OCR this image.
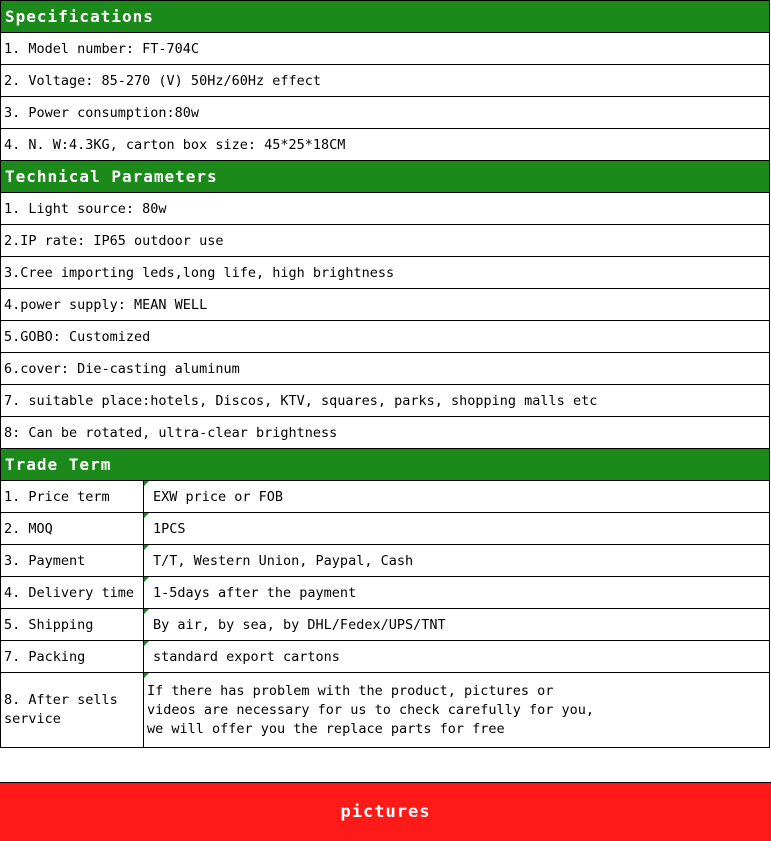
Specifications	
1. Model number: FT-704C	
2. Voltage: 85-270 (V) 50Hz/60Hz effect	
3. Power consumption:80w	
4. N. W:4.3KG, carton box size: 45*25*18CM	
Technical Parameters	
1. Light source: 80w	
2.IP rate: IP65 outdoor use	
3.Cree importing leds,long life, high brightness	
4.power supply: MEAN WELL	
5.GOBO: Customized	
6.cover: Die-casting aluminum	
7. suitable place:hotels, Discos, KTV, squares, parks, shopping malls etc	
8: Can be rotated, ultra-clear brightness	
Trade Term	
1. Price term	EXW price or FOB
2. MOQ	1PCS
3. Payment	T/T, Western Union, Paypal, Cash
4. Delivery time	1-5days after the payment
5. Shipping	By air, by sea, by DHL/Fedex/UPS/TNT
7. Packing	standard export cartons
8. After sells service	If there has problem with the product, pictures or
videos are necessary for us to check carefully for you,
we will offer you the replace parts for free
pictures
